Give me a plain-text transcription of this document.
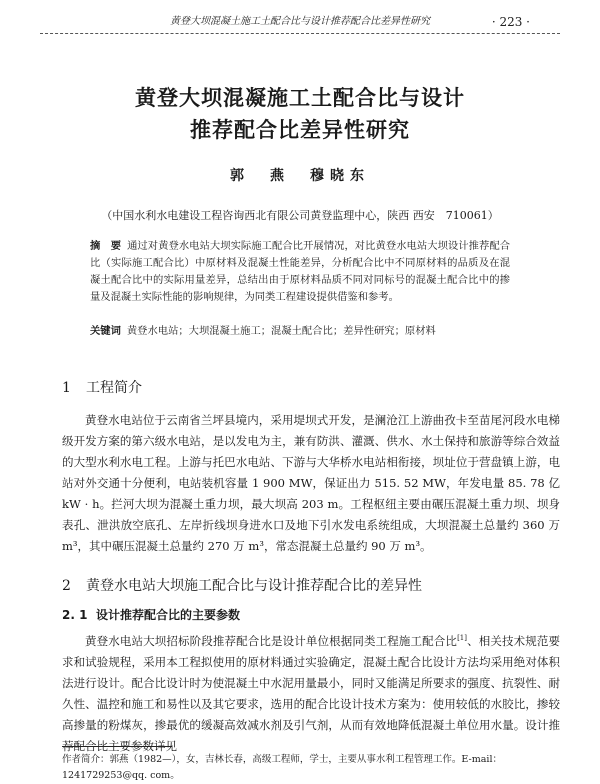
黄登大坝混凝土施工土配合比与设计推荐配合比差异性研究	· 223 ·
黄登大坝混凝施工土配合比与设计
推荐配合比差异性研究
郭　燕　穆晓东
（中国水利水电建设工程咨询西北有限公司黄登监理中心，陕西 西安　710061）
摘　要 通过对黄登水电站大坝实际施工配合比开展情况，对比黄登水电站大坝设计推荐配合比（实际施工配合比）中原材料及混凝土性能差异，分析配合比中不同原材料的品质及在混凝土配合比中的实际用量差异，总结出由于原材料品质不同对同标号的混凝土配合比中的掺量及混凝土实际性能的影响规律，为同类工程建设提供借鉴和参考。
关键词 黄登水电站；大坝混凝土施工；混凝土配合比；差异性研究；原材料
1 工程简介
黄登水电站位于云南省兰坪县境内，采用堤坝式开发，是澜沧江上游曲孜卡至苗尾河段水电梯级开发方案的第六级水电站，是以发电为主，兼有防洪、灌溉、供水、水土保持和旅游等综合效益的大型水利水电工程。上游与托巴水电站、下游与大华桥水电站相衔接，坝址位于营盘镇上游，电站对外交通十分便利，电站装机容量 1 900 MW，保证出力 515. 52 MW，年发电量 85. 78 亿 kW · h。拦河大坝为混凝土重力坝，最大坝高 203 m。工程枢纽主要由碾压混凝土重力坝、坝身表孔、泄洪放空底孔、左岸折线坝身进水口及地下引水发电系统组成，大坝混凝土总量约 360 万 m³，其中碾压混凝土总量约 270 万 m³，常态混凝土总量约 90 万 m³。
2 黄登水电站大坝施工配合比与设计推荐配合比的差异性
2. 1 设计推荐配合比的主要参数
黄登水电站大坝招标阶段推荐配合比是设计单位根据同类工程施工配合比[1]、相关技术规范要求和试验规程，采用本工程拟使用的原材料通过实验确定，混凝土配合比设计方法均采用绝对体积法进行设计。配合比设计时为使混凝土中水泥用量最小，同时又能满足所要求的强度、抗裂性、耐久性、温控和施工和易性以及其它要求，选用的配合比设计技术方案为：使用较低的水胶比，掺较高掺量的粉煤灰，掺最优的缓凝高效减水剂及引气剂，从而有效地降低混凝土单位用水量。设计推荐配合比主要参数详见
作者简介：郭燕（1982—），女，吉林长春，高级工程师，学士，主要从事水利工程管理工作。E-mail：1241729253@qq. com。
